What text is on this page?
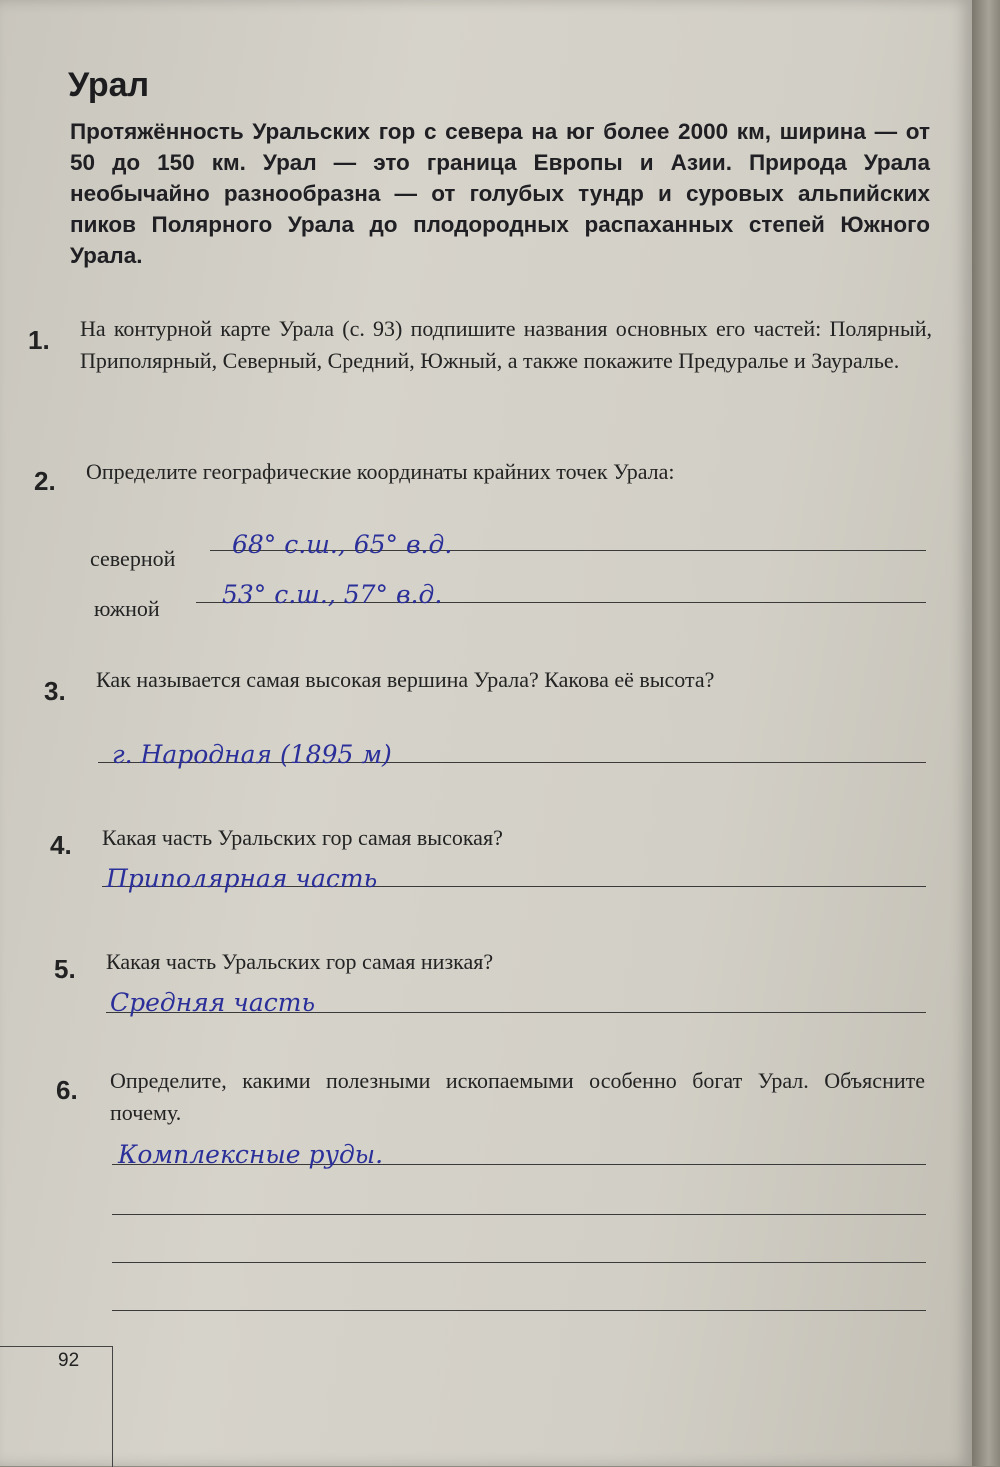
Урал

Протяжённость Уральских гор с севера на юг более 2000 км, ширина — от 50 до 150 км. Урал — это граница Европы и Азии. Природа Урала необычайно разнообразна — от голубых тундр и суровых альпийских пиков Полярного Урала до плодородных распаханных степей Южного Урала.

1. На контурной карте Урала (с. 93) подпишите названия основных его частей: Полярный, Приполярный, Северный, Средний, Южный, а также покажите Предуралье и Зауралье.

2. Определите географические координаты крайних точек Урала:

северной 68° с.ш., 65° в.д.
южной 53° с.ш., 57° в.д.
3. Как называется самая высокая вершина Урала? Какова её высота?

г. Народная (1895 м)
4. Какая часть Уральских гор самая высокая?

Приполярная часть
5. Какая часть Уральских гор самая низкая?

Средняя часть
6. Определите, какими полезными ископаемыми особенно богат Урал. Объясните почему.

Комплексные руды.
92
